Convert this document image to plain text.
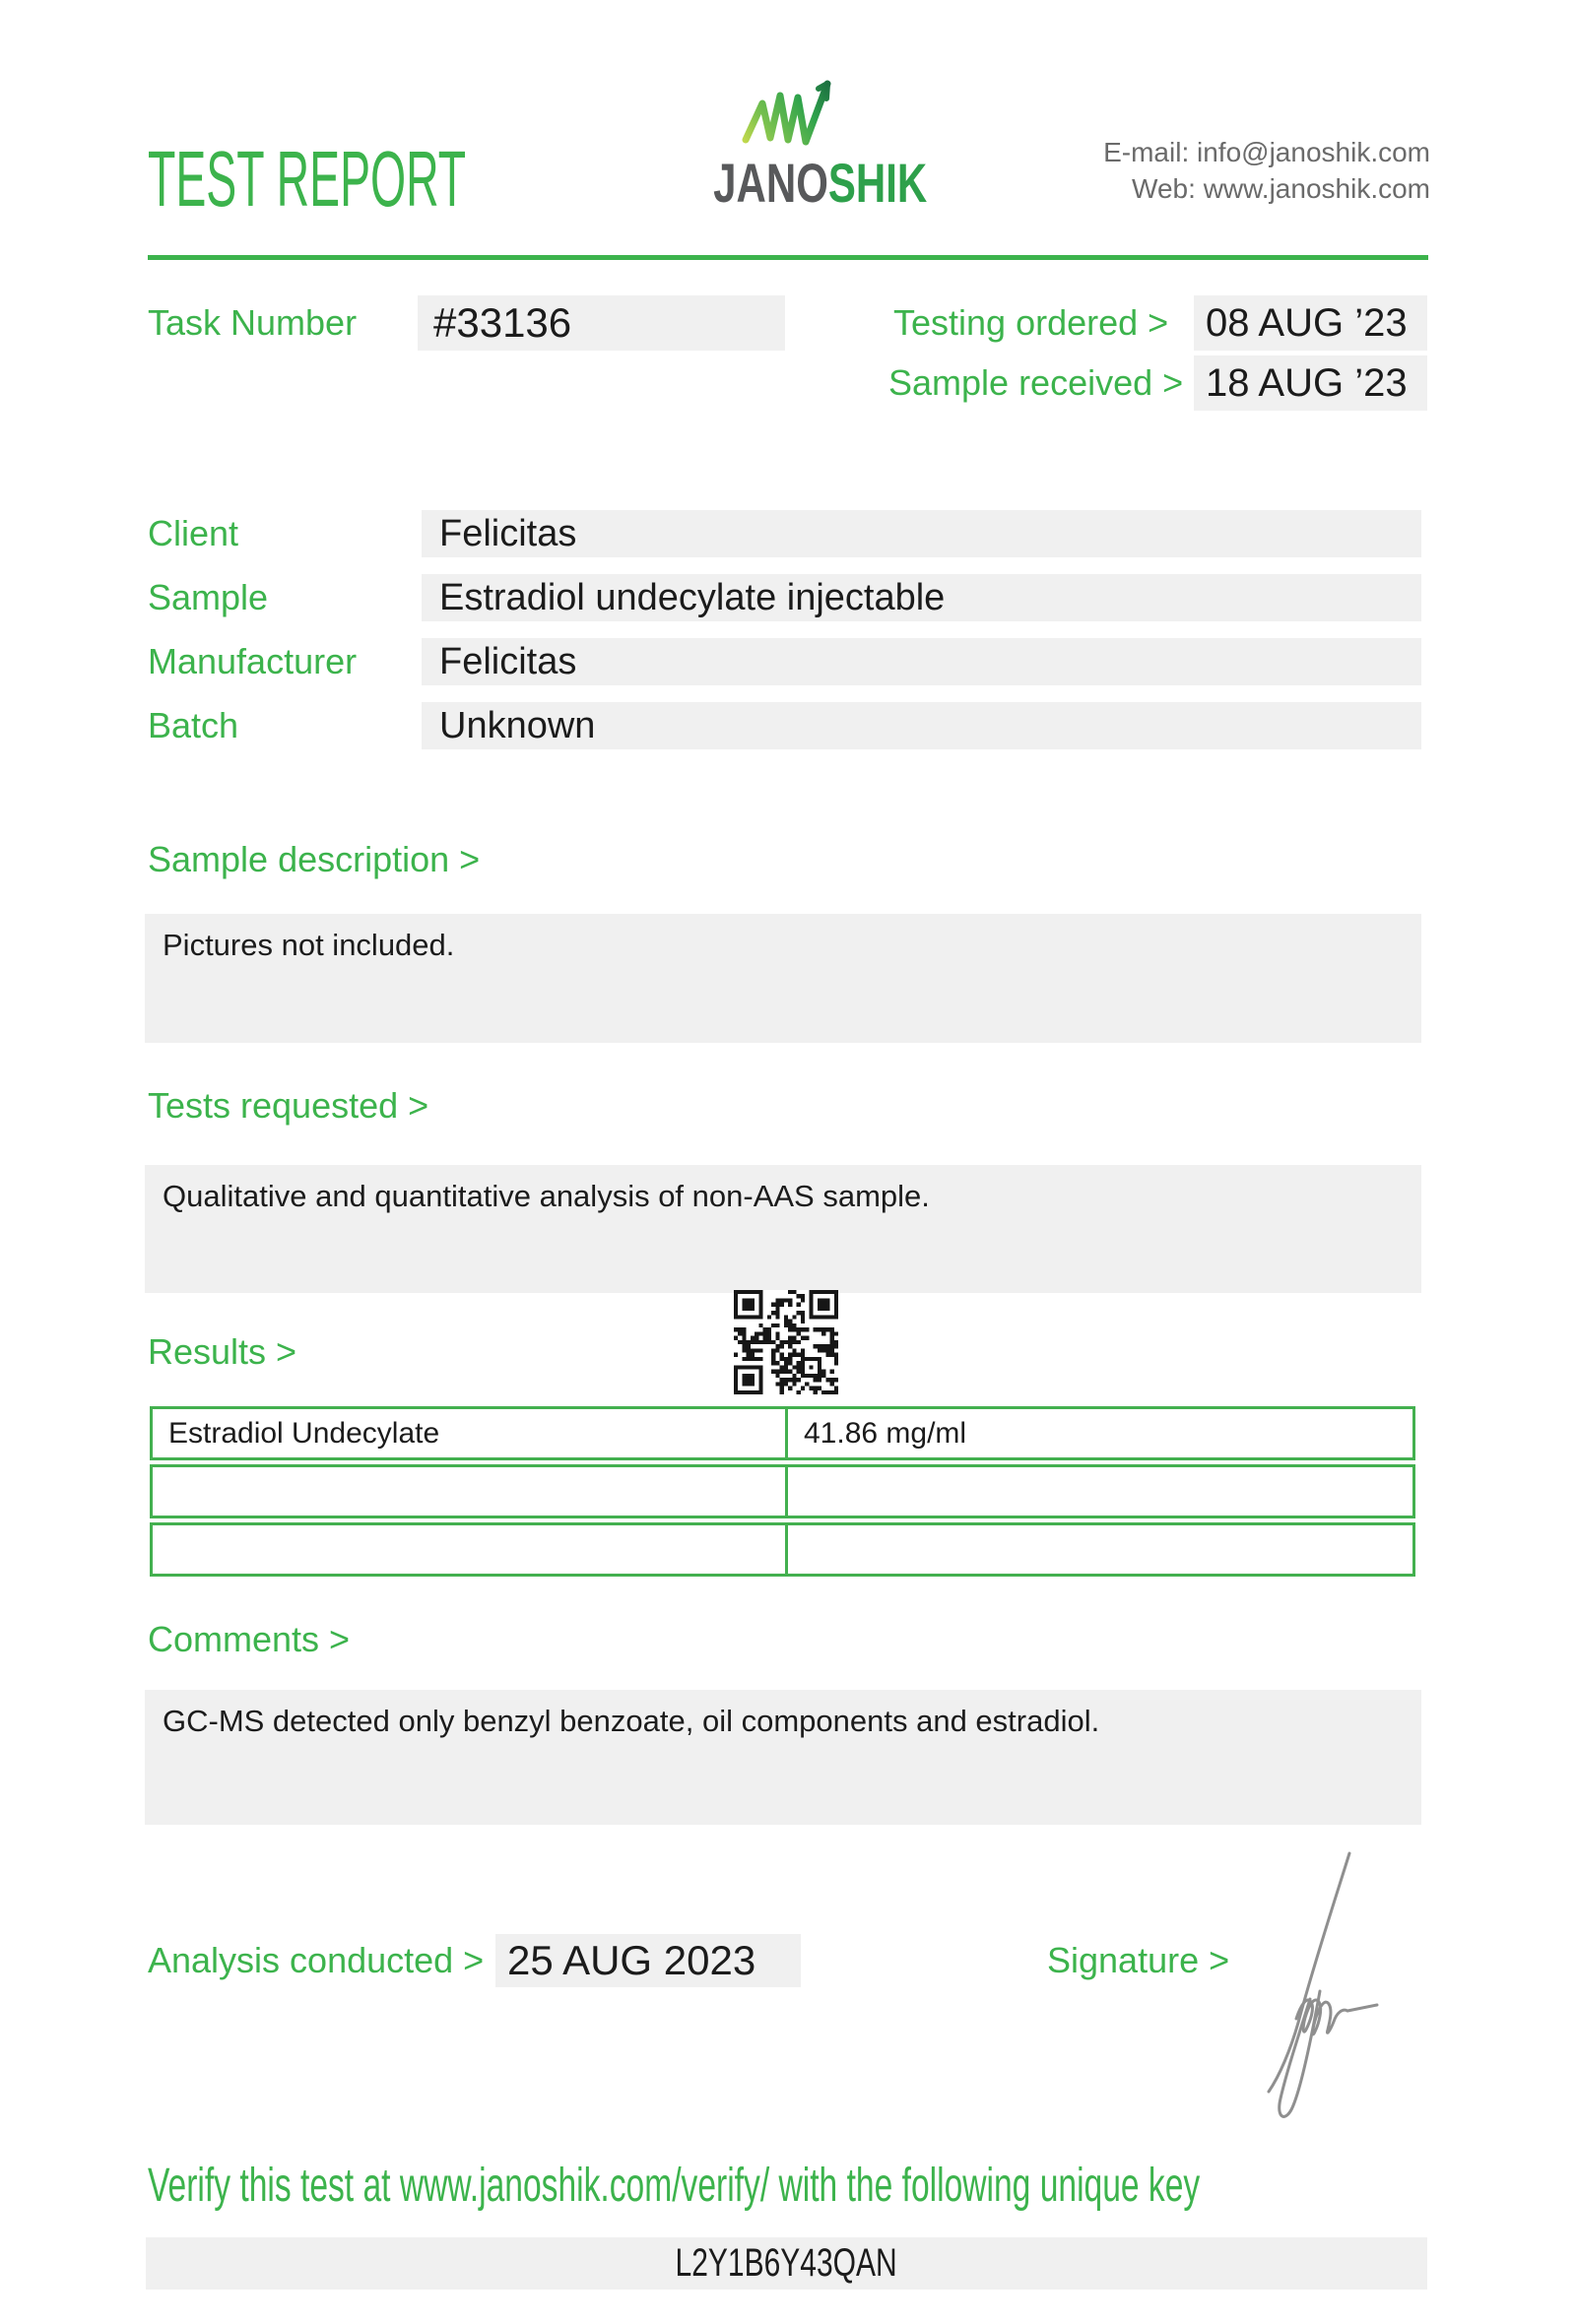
TEST REPORT	JANOSHIK	E-mail: info@janoshik.com
Web: www.janoshik.com
Task Number	#33136	Testing ordered > 08 AUG ’23
Sample received > 18 AUG ’23
Client	Felicitas
Sample	Estradiol undecylate injectable
Manufacturer	Felicitas
Batch	Unknown
Sample description >
Pictures not included.
Tests requested >
Qualitative and quantitative analysis of non-AAS sample.
Results >
Estradiol Undecylate	41.86 mg/ml
Comments >
GC-MS detected only benzyl benzoate, oil components and estradiol.
Analysis conducted > 25 AUG 2023	Signature >
Verify this test at www.janoshik.com/verify/ with the following unique key
L2Y1B6Y43QAN
